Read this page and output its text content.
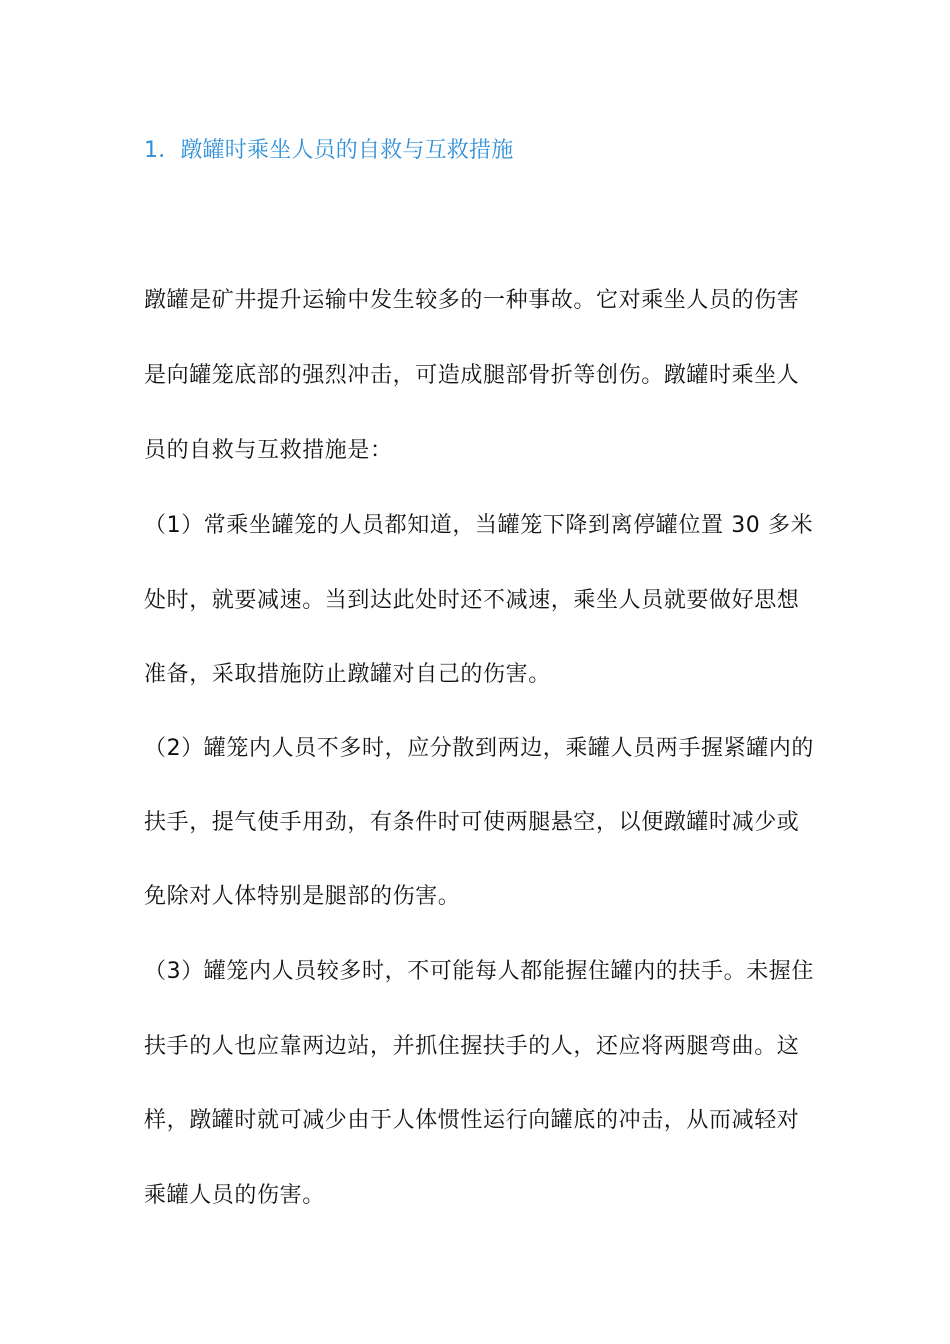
1．蹾罐时乘坐人员的自救与互救措施
蹾罐是矿井提升运输中发生较多的一种事故。它对乘坐人员的伤害
是向罐笼底部的强烈冲击，可造成腿部骨折等创伤。蹾罐时乘坐人
员的自救与互救措施是：
（1）常乘坐罐笼的人员都知道，当罐笼下降到离停罐位置 30 多米
处时，就要减速。当到达此处时还不减速，乘坐人员就要做好思想
准备，采取措施防止蹾罐对自己的伤害。
（2）罐笼内人员不多时，应分散到两边，乘罐人员两手握紧罐内的
扶手，提气使手用劲，有条件时可使两腿悬空，以便蹾罐时减少或
免除对人体特别是腿部的伤害。
（3）罐笼内人员较多时，不可能每人都能握住罐内的扶手。未握住
扶手的人也应靠两边站，并抓住握扶手的人，还应将两腿弯曲。这
样，蹾罐时就可减少由于人体惯性运行向罐底的冲击，从而减轻对
乘罐人员的伤害。
